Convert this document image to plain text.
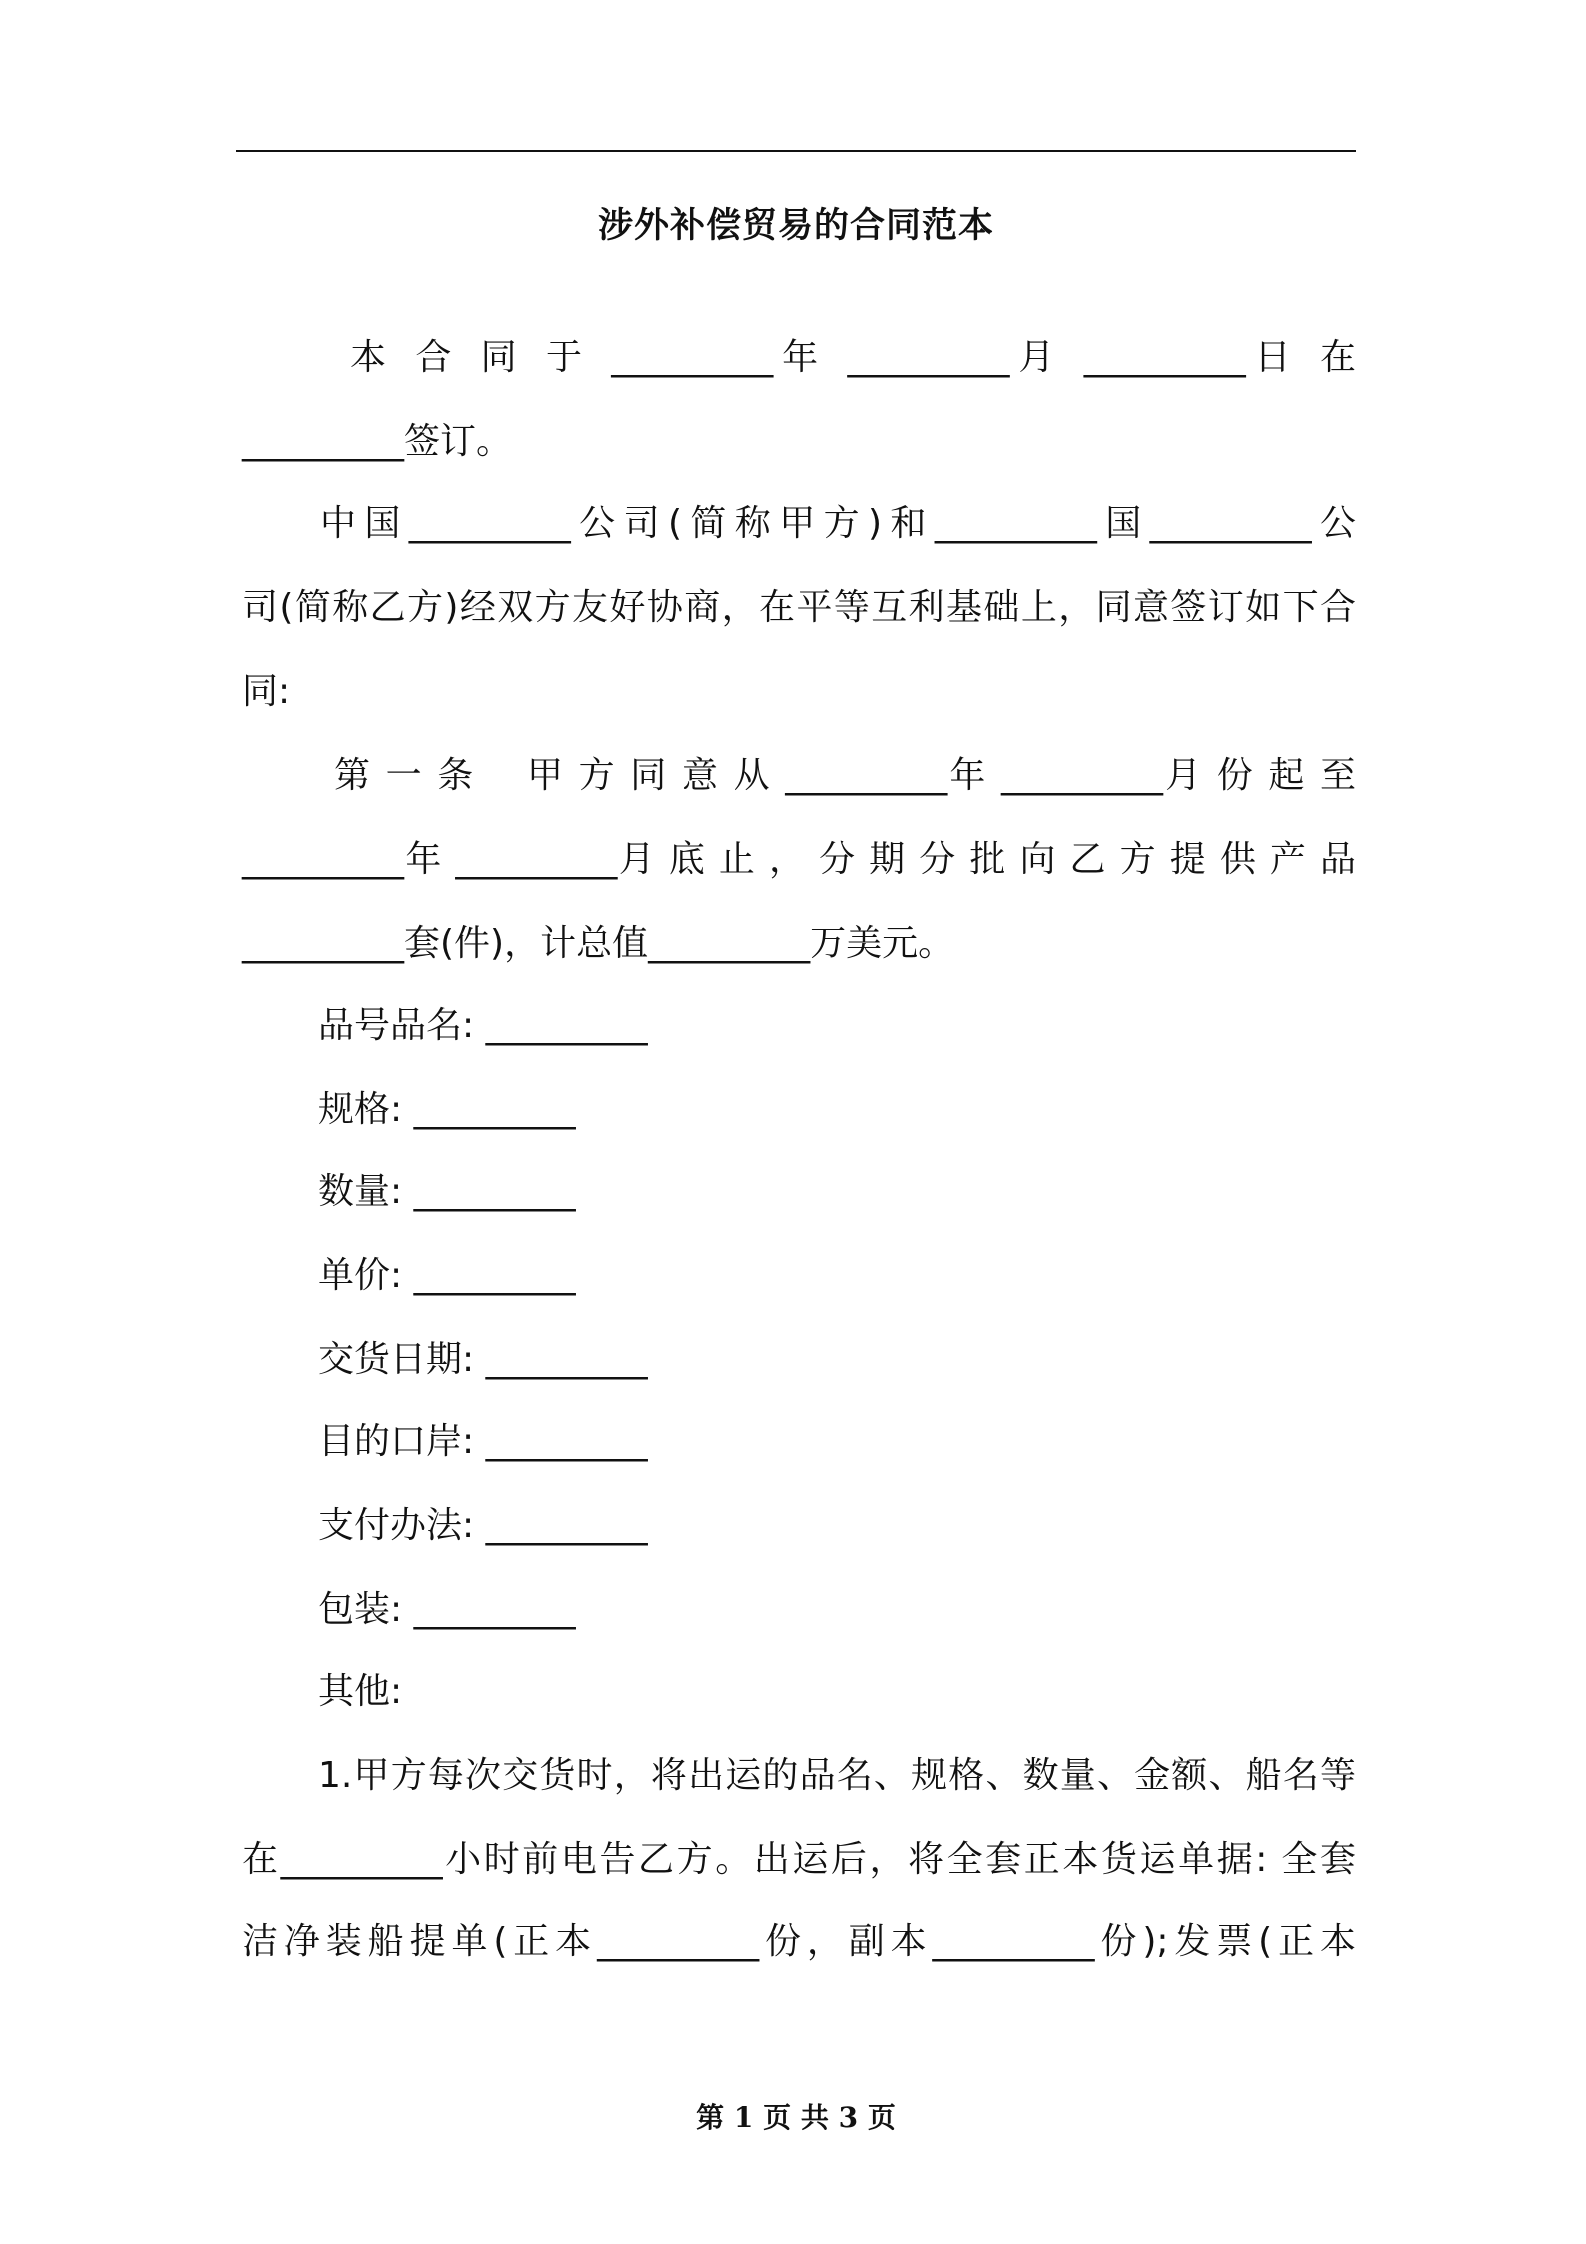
涉外补偿贸易的合同范本
本 合 同 于 _________年 _________月 _________日 在
_________签订。
中国_________公司(简称甲方)和_________国_________公
司(简称乙方)经双方友好协商，在平等互利基础上，同意签订如下合
同:
第 一 条　 甲 方 同 意 从 _________年 _________月 份 起 至
_________年 _________月 底 止 ， 分 期 分 批 向 乙 方 提 供 产 品
_________套(件)，计总值_________万美元。
品号品名: _________
规格: _________
数量: _________
单价: _________
交货日期: _________
目的口岸: _________
支付办法: _________
包装: _________
其他:
1.甲方每次交货时，将出运的品名、规格、数量、金额、船名等
在_________小时前电告乙方。出运后，将全套正本货运单据: 全套
洁净装船提单(正本_________份，副本_________份);发票(正本
第 1 页 共 3 页
